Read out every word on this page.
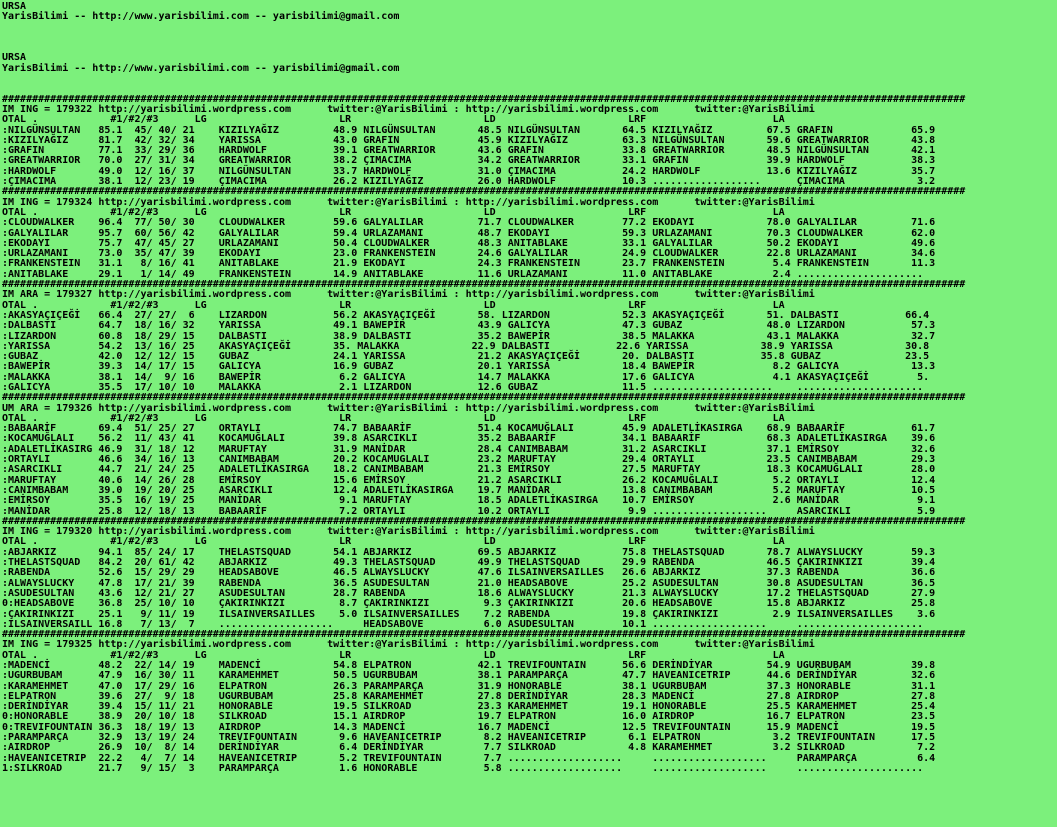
URSA
YarisBilimi -- http://www.yarisbilimi.com -- yarisbilimi@gmail.com
URSA
YarisBilimi -- http://www.yarisbilimi.com -- yarisbilimi@gmail.com
################################################################################################################################################################
IM ING = 179322 http://yarisbilimi.wordpress.com      twitter:@YarisBilimi : http://yarisbilimi.wordpress.com      twitter:@YarisBilimi
OTAL .            #1/#2/#3      LG                      LR                      LD                      LRF                     LA
:NILGÜNSULTAN   85.1  45/ 40/ 21    KIZILYAĞIZ         48.9 NILGÜNSULTAN       48.5 NILGÜNSULTAN       64.5 KIZILYAĞIZ         67.5 GRAFIN             65.9
:KIZILYAĞIZ     81.7  42/ 32/ 34    YARISSA            43.0 GRAFIN             45.9 KIZILYAĞIZ         63.3 NILGÜNSULTAN       59.6 GREATWARRIOR       43.8
:GRAFIN         77.1  33/ 29/ 36    HARDWOLF           39.1 GREATWARRIOR       43.6 GRAFIN             33.8 GREATWARRIOR       48.5 NILGÜNSULTAN       42.1
:GREATWARRIOR   70.0  27/ 31/ 34    GREATWARRIOR       38.2 ÇIMACIMA           34.2 GREATWARRIOR       33.1 GRAFIN             39.9 HARDWOLF           38.3
:HARDWOLF       49.0  12/ 16/ 37    NILGÜNSULTAN       33.7 HARDWOLF           31.0 ÇIMACIMA           24.2 HARDWOLF           13.6 KIZILYAĞIZ         35.7
:ÇIMACIMA       38.1  12/ 23/ 19    ÇIMACIMA           26.2 KIZILYAĞIZ         26.0 HARDWOLF           10.3 ..................      ÇIMACIMA            3.2
################################################################################################################################################################
IM ING = 179324 http://yarisbilimi.wordpress.com      twitter:@YarisBilimi : http://yarisbilimi.wordpress.com      twitter:@YarisBilimi
OTAL .            #1/#2/#3      LG                      LR                      LD                      LRF                     LA
:CLOUDWALKER    96.4  77/ 50/ 30    CLOUDWALKER        59.6 GALYALILAR         71.7 CLOUDWALKER        77.2 EKODAYI            78.0 GALYALILAR         71.6
:GALYALILAR     95.7  60/ 56/ 42    GALYALILAR         59.4 URLAZAMANI         48.7 EKODAYI            59.3 URLAZAMANI         70.3 CLOUDWALKER        62.0
:EKODAYI        75.7  47/ 45/ 27    URLAZAMANI         50.4 CLOUDWALKER        48.3 ANITABLAKE         33.1 GALYALILAR         50.2 EKODAYI            49.6
:URLAZAMANI     73.0  35/ 47/ 39    EKODAYI            23.0 FRANKENSTEIN       24.6 GALYALILAR         24.9 CLOUDWALKER        22.8 URLAZAMANI         34.6
:FRANKENSTEIN   31.1   8/ 16/ 41    ANITABLAKE         21.9 EKODAYI            24.3 FRANKENSTEIN       23.7 FRANKENSTEIN        5.4 FRANKENSTEIN       11.3
:ANITABLAKE     29.1   1/ 14/ 49    FRANKENSTEIN       14.9 ANITABLAKE         11.6 URLAZAMANI         11.0 ANITABLAKE          2.4 .....................
################################################################################################################################################################
IM ARA = 179327 http://yarisbilimi.wordpress.com      twitter:@YarisBilimi : http://yarisbilimi.wordpress.com      twitter:@YarisBilimi
OTAL .            #1/#2/#3      LG                      LR                      LD                      LRF                     LA
:AKASYAÇIÇEĞİ   66.4  27/ 27/  6    LIZARDON           56.2 AKASYAÇIÇEĞİ       58. LIZARDON            52.3 AKASYAÇIÇEĞİ       51. DALBASTI           66.4
:DALBASTI       64.7  18/ 16/ 32    YARISSA            49.1 BAWEPİR            43.9 GALICYA            47.3 GUBAZ              48.0 LIZARDON           57.3
:LIZARDON       60.8  18/ 29/ 15    DALBASTI           38.9 DALBASTI           35.2 BAWEPİR            38.5 MALAKKA            43.1 MALAKKA            32.7
:YARISSA        54.2  13/ 16/ 25    AKASYAÇIÇEĞİ       35. MALAKKA            22.9 DALBASTI           22.6 YARISSA            38.9 YARISSA            30.8
:GUBAZ          42.0  12/ 12/ 15    GUBAZ              24.1 YARISSA            21.2 AKASYAÇIÇEĞİ       20. DALBASTI           35.8 GUBAZ              23.5
:BAWEPİR        39.3  14/ 17/ 15    GALICYA            16.9 GUBAZ              20.1 YARISSA            18.4 BAWEPİR             8.2 GALICYA            13.3
:MALAKKA        38.1  14/  9/ 16    BAWEPİR             6.2 GALICYA            14.7 MALAKKA            17.6 GALICYA             4.1 AKASYAÇIÇEĞİ        5.
:GALICYA        35.5  17/ 10/ 10    MALAKKA             2.1 LIZARDON           12.6 GUBAZ              11.5 ....................    .....................
################################################################################################################################################################
UM ARA = 179326 http://yarisbilimi.wordpress.com      twitter:@YarisBilimi : http://yarisbilimi.wordpress.com      twitter:@YarisBilimi
OTAL .            #1/#2/#3      LG                      LR                      LD                      LRF                     LA
:BABAARİF       69.4  51/ 25/ 27    ORTAYLI            74.7 BABAARİF           51.4 KOCAMUĞLALI        45.9 ADALETLİKASIRGA    68.9 BABAARİF           61.7
:KOCAMUĞLALI    56.2  11/ 43/ 41    KOCAMUĞLALI        39.8 ASARCIKLI          35.2 BABAARİF           34.1 BABAARİF           68.3 ADALETLİKASIRGA    39.6
:ADALETLİKASIRG 46.9  31/ 18/ 12    MARUFTAY           31.9 MANİDAR            28.4 CANIMBABAM         31.2 ASARCIKLI          37.1 EMİRSOY            32.6
:ORTAYLI        46.6  34/ 16/ 13    CANIMBABAM         20.2 KOCAMUGLALI        23.2 MARUFTAY           29.4 ORTAYLI            23.5 CANIMBABAM         29.3
:ASARCIKLI      44.7  21/ 24/ 25    ADALETLİKASIRGA    18.2 CANIMBABAM         21.3 EMİRSOY            27.5 MARUFTAY           18.3 KOCAMUĞLALI        28.0
:MARUFTAY       40.6  14/ 26/ 28    EMİRSOY            15.6 EMİRSOY            21.2 ASARCIKLI          26.2 KOCAMUĞLALI         5.2 ORTAYLI            12.4
:CANIMBABAM     39.0  19/ 20/ 25    ASARCIKLI          12.4 ADALETLİKASIRGA    19.7 MANİDAR            13.8 CANIMBABAM          5.2 MARUFTAY           10.5
:EMİRSOY        35.5  16/ 19/ 25    MANİDAR             9.1 MARUFTAY           18.5 ADALETLİKASIRGA    10.7 EMİRSOY             2.6 MANİDAR             9.1
:MANİDAR        25.8  12/ 18/ 13    BABAARİF            7.2 ORTAYLI            10.2 ORTAYLI             9.9 ...................     ASARCIKLI           5.9
################################################################################################################################################################
IM ING = 179320 http://yarisbilimi.wordpress.com      twitter:@YarisBilimi : http://yarisbilimi.wordpress.com      twitter:@YarisBilimi
OTAL .            #1/#2/#3      LG                      LR                      LD                      LRF                     LA
:ABJARKIZ       94.1  85/ 24/ 17    THELASTSQUAD       54.1 ABJARKIZ           69.5 ABJARKIZ           75.8 THELASTSQUAD       78.7 ALWAYSLUCKY        59.3
:THELASTSQUAD   84.2  20/ 61/ 42    ABJARKIZ           49.3 THELASTSQUAD       49.9 THELASTSQUAD       29.9 RABENDA            46.5 ÇAKIRINKIZI        39.4
:RABENDA        52.6  15/ 29/ 29    HEADSABOVE         46.5 ALWAYSLUCKY        47.6 ILSAINVERSAILLES   26.6 ABJARKIZ           37.3 RABENDA            36.6
:ALWAYSLUCKY    47.8  17/ 21/ 39    RABENDA            36.5 ASUDESULTAN        21.0 HEADSABOVE         25.2 ASUDESULTAN        30.8 ASUDESULTAN        36.5
:ASUDESULTAN    43.6  12/ 21/ 27    ASUDESULTAN        28.7 RABENDA            18.6 ALWAYSLUCKY        21.3 ALWAYSLUCKY        17.2 THELASTSQUAD       27.9
0:HEADSABOVE    36.8  25/ 10/ 10    ÇAKIRINKIZI         8.7 ÇAKIRINKIZI         9.3 ÇAKIRINKIZI        20.6 HEADSABOVE         15.8 ABJARKIZ           25.8
:ÇAKIRINKIZI    25.1   9/ 11/ 19    ILSAINVERSAILLES    5.0 ILSAINVERSAILLES    7.2 RABENDA            19.8 ÇAKIRINKIZI         2.9 ILSAINVERSAILLES    3.6
:ILSAINVERSAILL 16.8   7/ 13/  7    ...................     HEADSABOVE          6.0 ASUDESULTAN        10.1 ...................     .....................
################################################################################################################################################################
IM ING = 179325 http://yarisbilimi.wordpress.com      twitter:@YarisBilimi : http://yarisbilimi.wordpress.com      twitter:@YarisBilimi
OTAL .            #1/#2/#3      LG                      LR                      LD                      LRF                     LA
:MADENCİ        48.2  22/ 14/ 19    MADENCİ            54.8 ELPATRON           42.1 TREVIFOUNTAIN      56.6 DERİNDİYAR         54.9 UGURBUBAM          39.8
:UGURBUBAM      47.9  16/ 30/ 11    KARAMEHMET         50.5 UGURBUBAM          38.1 PARAMPARÇA         47.7 HAVEANICETRIP      44.6 DERİNDİYAR         32.6
:KARAMEHMET     47.0  17/ 29/ 16    ELPATRON           26.3 PARAMPARÇA         31.9 HONORABLE          38.1 UGURBUBAM          37.3 HONORABLE          31.1
:ELPATRON       39.6  27/  9/ 18    UGURBUBAM          25.8 KARAMEHMET         27.8 DERİNDİYAR         28.3 MADENCİ            27.8 AIRDROP            27.8
:DERİNDİYAR     39.4  15/ 11/ 21    HONORABLE          19.5 SILKROAD           23.3 KARAMEHMET         19.1 HONORABLE          25.5 KARAMEHMET         25.4
0:HONORABLE     38.9  20/ 10/ 18    SILKROAD           15.1 AIRDROP            19.7 ELPATRON           16.0 AIRDROP            16.7 ELPATRON           23.5
0:TREVIFOUNTAIN 36.3  18/ 19/ 13    AIRDROP            14.3 MADENCİ            16.7 MADENCİ            12.5 TREVIFOUNTAIN      15.9 MADENCİ            19.5
:PARAMPARÇA     32.9  13/ 19/ 24    TREVIFOUNTAIN       9.6 HAVEANICETRIP       8.2 HAVEANICETRIP       6.1 ELPATRON            3.2 TREVIFOUNTAIN      17.5
:AIRDROP        26.9  10/  8/ 14    DERİNDİYAR          6.4 DERİNDİYAR          7.7 SILKROAD            4.8 KARAMEHMET          3.2 SILKROAD            7.2
:HAVEANICETRIP  22.2   4/  7/ 14    HAVEANICETRIP       5.2 TREVIFOUNTAIN       7.7 ...................     ...................     PARAMPARÇA          6.4
1:SILKROAD      21.7   9/ 15/  3    PARAMPARÇA          1.6 HONORABLE           5.8 ...................     ...................     .....................
